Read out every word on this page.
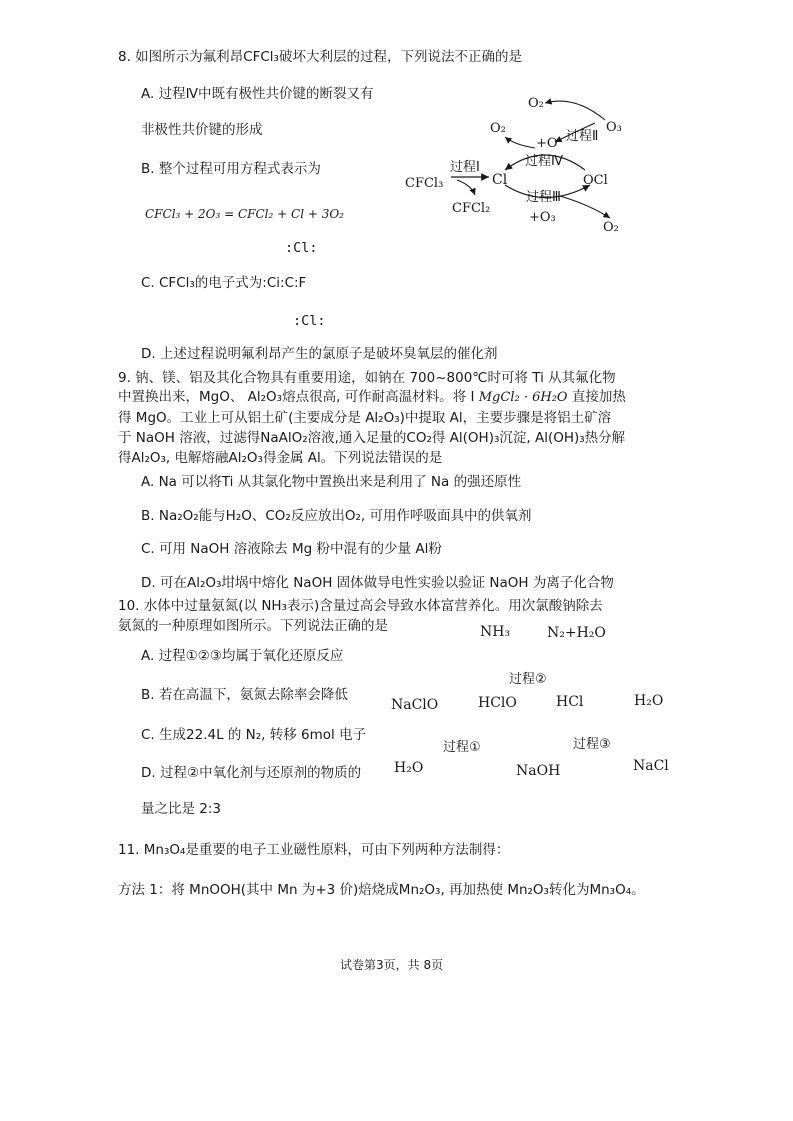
8. 如图所示为氟利昂CFCl₃破坏大利层的过程，下列说法不正确的是
A. 过程Ⅳ中既有极性共价键的断裂又有
非极性共价键的形成
B. 整个过程可用方程式表示为
CFCl₃ + 2O₃ = CFCl₂ + Cl + 3O₂
:Cl:
C. CFCl₃的电子式为:Ci:C:F
:Cl:
D. 上述过程说明氟利昂产生的氯原子是破坏臭氧层的催化剂
O₂
O₂	O₃
+O 过程Ⅱ
过程Ⅳ
过程Ⅰ
CFCl₃	Cl	OCl
CFCl₂
过程Ⅲ
+O₃
O₂
9. 钠、镁、铝及其化合物具有重要用途，如钠在 700~800℃时可将 Ti 从其氟化物
中置换出来，MgO、 Al₂O₃熔点很高, 可作耐高温材料。将 I MgCl₂ · 6H₂O 直接加热
得 MgO。工业上可从铝土矿(主要成分是 Al₂O₃)中提取 Al，主要步骤是将铝土矿溶
于 NaOH 溶液，过滤得NaAlO₂溶液,通入足量的CO₂得 Al(OH)₃沉淀, Al(OH)₃热分解
得Al₂O₃, 电解熔融Al₂O₃得金属 Al。下列说法错误的是
A. Na 可以将Ti 从其氯化物中置换出来是利用了 Na 的强还原性
B. Na₂O₂能与H₂O、CO₂反应放出O₂, 可用作呼吸面具中的供氧剂
C. 可用 NaOH 溶液除去 Mg 粉中混有的少量 Al粉
D. 可在Al₂O₃坩埚中熔化 NaOH 固体做导电性实验以验证 NaOH 为离子化合物
10. 水体中过量氨氮(以 NH₃表示)含量过高会导致水体富营养化。用次氯酸钠除去
氨氮的一种原理如图所示。下列说法正确的是
A. 过程①②③均属于氧化还原反应
B. 若在高温下，氨氮去除率会降低
C. 生成22.4L 的 N₂, 转移 6mol 电子
D. 过程②中氧化剂与还原剂的物质的
量之比是 2:3
NH₃	N₂+H₂O
过程②
NaClO	HClO	HCl	H₂O
过程①	过程③
H₂O	NaOH	NaCl
11. Mn₃O₄是重要的电子工业磁性原料，可由下列两种方法制得：
方法 1：将 MnOOH(其中 Mn 为+3 价)焙烧成Mn₂O₃, 再加热使 Mn₂O₃转化为Mn₃O₄。
试卷第3页，共 8页
